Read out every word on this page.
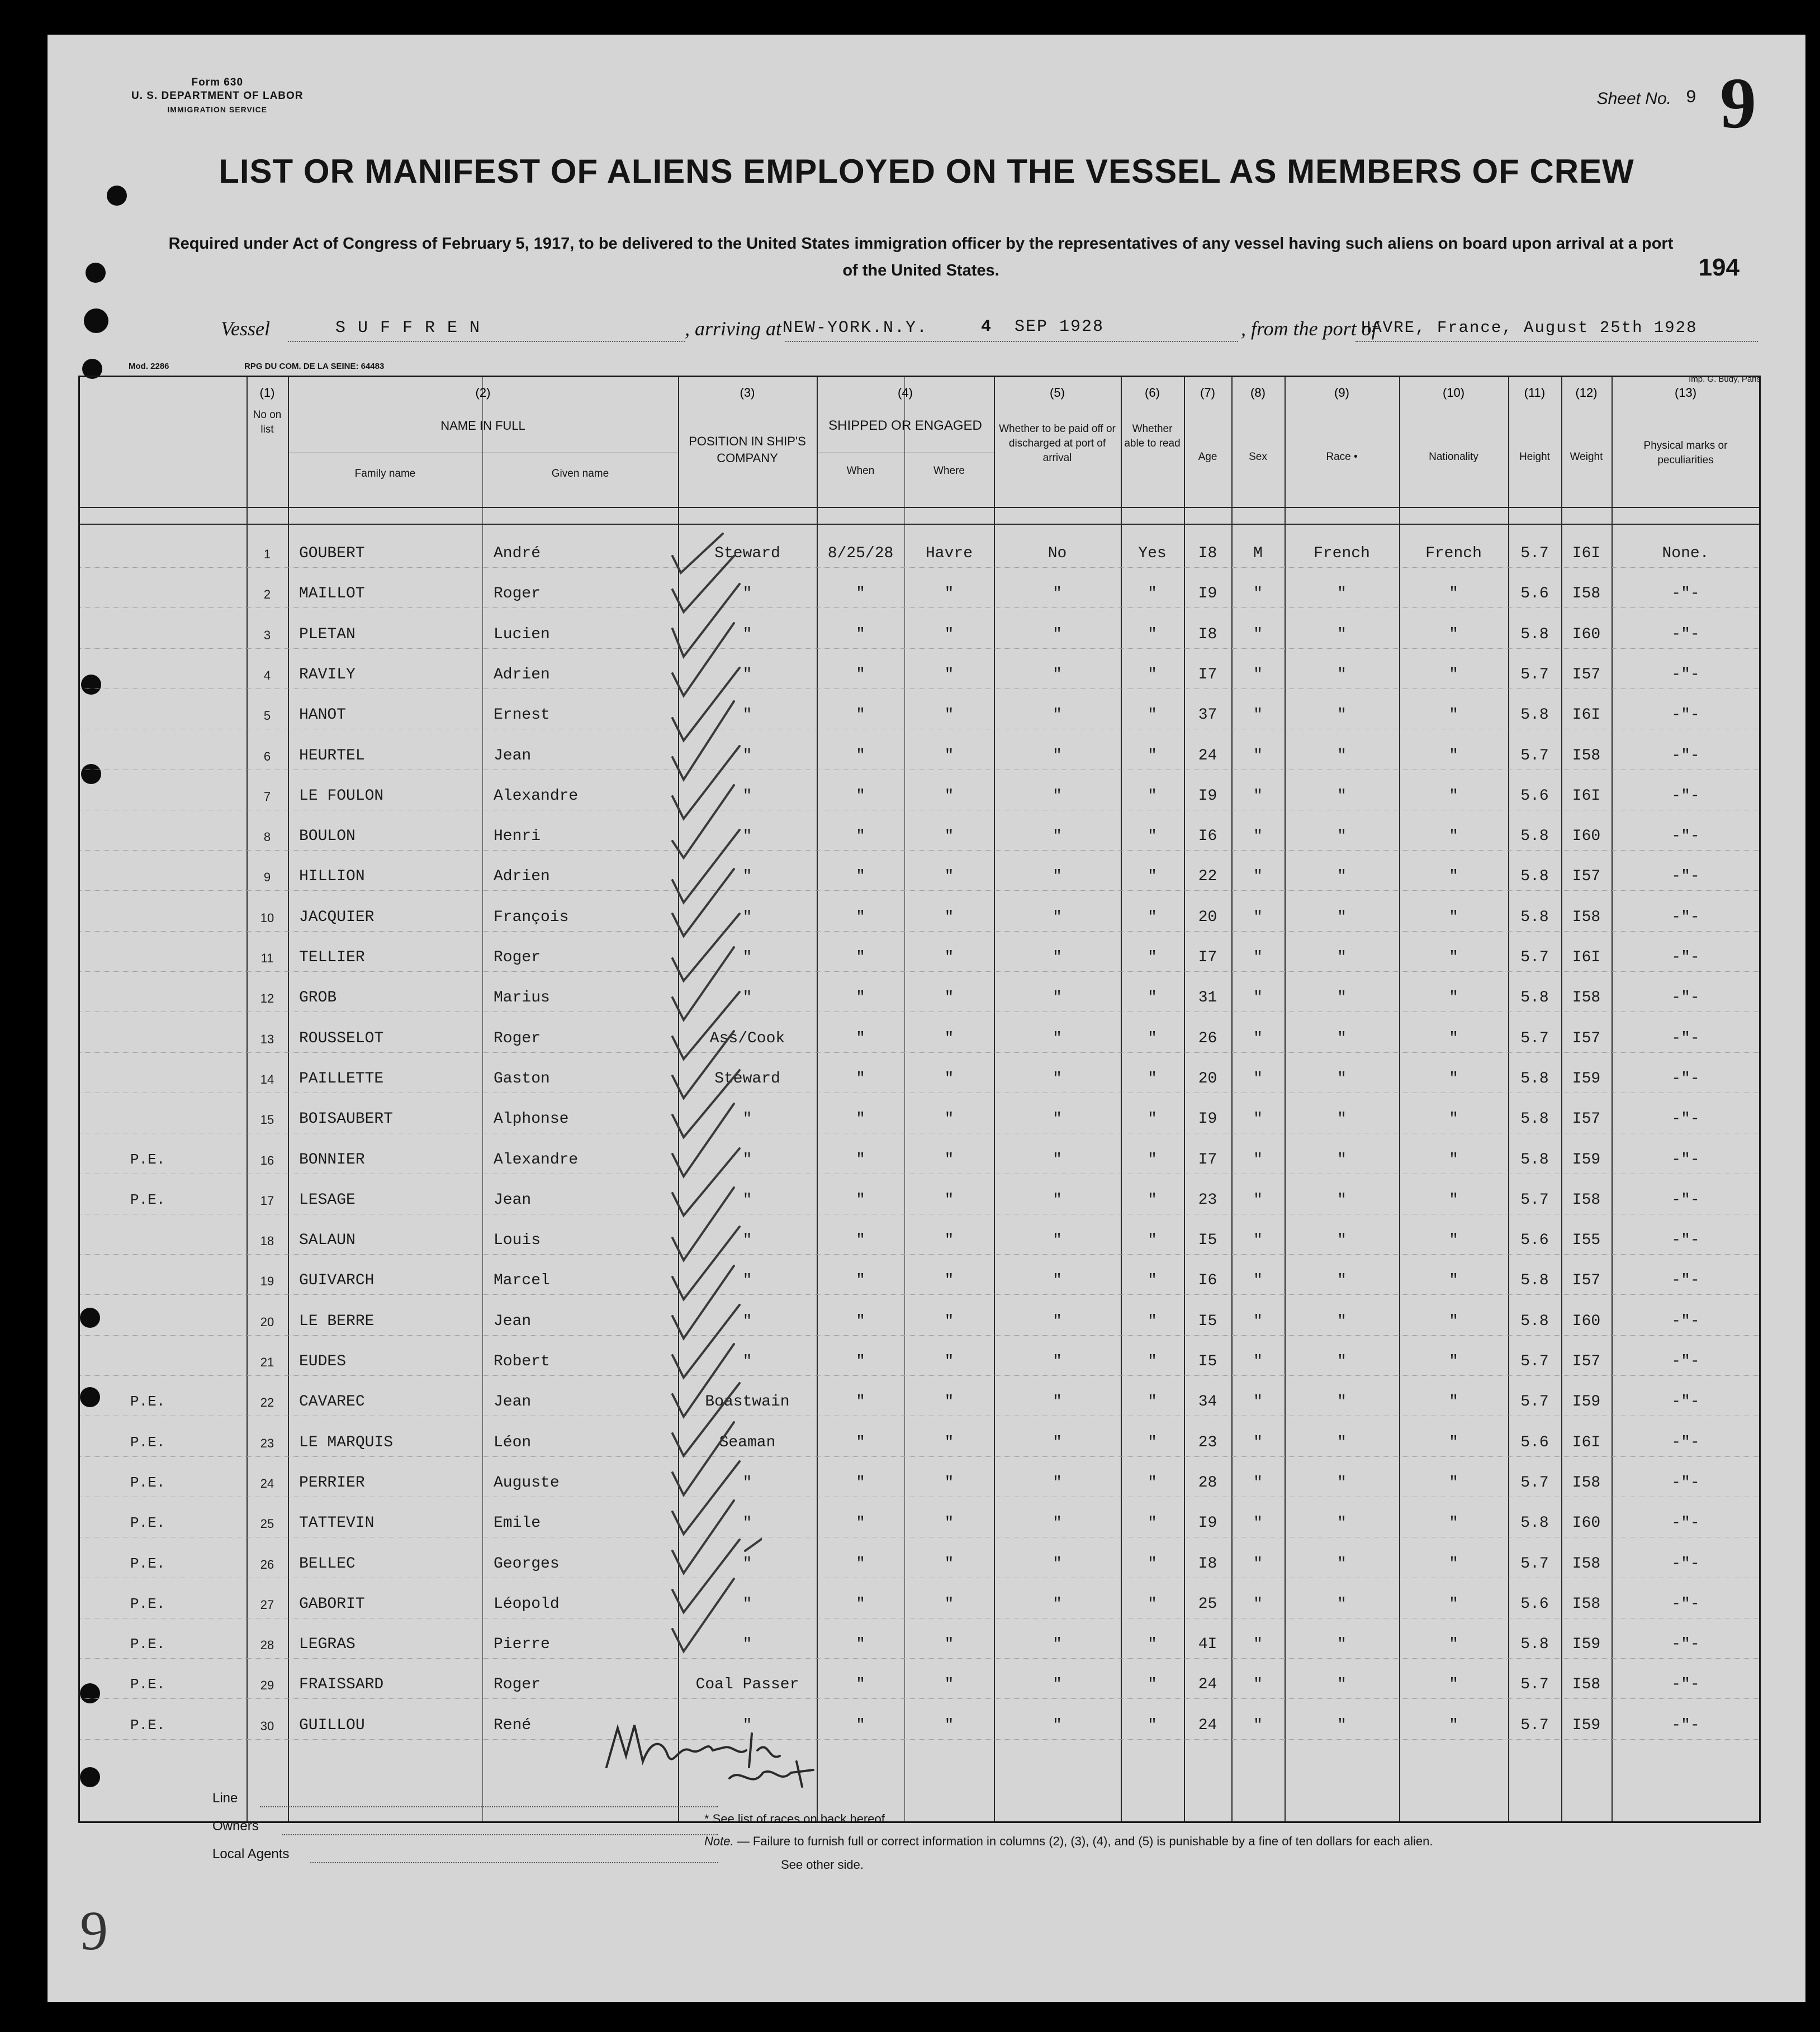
Form 630
U. S. DEPARTMENT OF LABOR
IMMIGRATION SERVICE
Sheet No. 9 9
LIST OR MANIFEST OF ALIENS EMPLOYED ON THE VESSEL AS MEMBERS OF CREW
Required under Act of Congress of February 5, 1917, to be delivered to the United States immigration officer by the representatives of any vessel having such aliens on board upon arrival at a port of the United States.	194
Vessel	S U F F R E N	, arriving at NEW-YORK.N.Y.	4 SEP 1928	, from the port of
HAVRE, France, August 25th 1928
Mod. 2286	RPG DU COM. DE LA SEINE: 64483
Imp. G. Budy, Paris
(1)	(2)	(3)	(4)	(5)	(6)	(7)	(8)	(9)	(10)	(11)	(12)	(13)
No on list	NAME IN FULL
Family name	Given name
POSITION IN SHIP'S COMPANY
SHIPPED OR ENGAGED
When	Where
Whether to be paid off or discharged at port of arrival
Whether able to read
Age	Sex	Race •	Nationality	Height	Weight
Physical marks or peculiarities
1	GOUBERT	André	Steward	8/25/28	Havre	No	Yes	I8	M	French	French	5.7	I6I	None.
2	MAILLOT	Roger	"	"	"	"	"	I9	"	"	"	5.6	I58	-"-
3	PLETAN	Lucien	"	"	"	"	"	I8	"	"	"	5.8	I60	-"-
4	RAVILY	Adrien	"	"	"	"	"	I7	"	"	"	5.7	I57	-"-
5	HANOT	Ernest	"	"	"	"	"	37	"	"	"	5.8	I6I	-"-
6	HEURTEL	Jean	"	"	"	"	"	24	"	"	"	5.7	I58	-"-
7	LE FOULON	Alexandre	"	"	"	"	"	I9	"	"	"	5.6	I6I	-"-
8	BOULON	Henri	"	"	"	"	"	I6	"	"	"	5.8	I60	-"-
9	HILLION	Adrien	"	"	"	"	"	22	"	"	"	5.8	I57	-"-
10	JACQUIER	François	"	"	"	"	"	20	"	"	"	5.8	I58	-"-
11	TELLIER	Roger	"	"	"	"	"	I7	"	"	"	5.7	I6I	-"-
12	GROB	Marius	"	"	"	"	"	31	"	"	"	5.8	I58	-"-
13	ROUSSELOT	Roger	Ass/Cook	"	"	"	"	26	"	"	"	5.7	I57	-"-
14	PAILLETTE	Gaston	Steward	"	"	"	"	20	"	"	"	5.8	I59	-"-
15	BOISAUBERT	Alphonse	"	"	"	"	"	I9	"	"	"	5.8	I57	-"-
P.E.	16	BONNIER	Alexandre	"	"	"	"	"	I7	"	"	"	5.8	I59	-"-
P.E.	17	LESAGE	Jean	"	"	"	"	"	23	"	"	"	5.7	I58	-"-
18	SALAUN	Louis	"	"	"	"	"	I5	"	"	"	5.6	I55	-"-
19	GUIVARCH	Marcel	"	"	"	"	"	I6	"	"	"	5.8	I57	-"-
20	LE BERRE	Jean	"	"	"	"	"	I5	"	"	"	5.8	I60	-"-
21	EUDES	Robert	"	"	"	"	"	I5	"	"	"	5.7	I57	-"-
P.E.	22	CAVAREC	Jean	Boastwain	"	"	"	"	34	"	"	"	5.7	I59	-"-
P.E.	23	LE MARQUIS	Léon	Seaman	"	"	"	"	23	"	"	"	5.6	I6I	-"-
P.E.	24	PERRIER	Auguste	"	"	"	"	"	28	"	"	"	5.7	I58	-"-
P.E.	25	TATTEVIN	Emile	"	"	"	"	"	I9	"	"	"	5.8	I60	-"-
P.E.	26	BELLEC	Georges	"	"	"	"	"	I8	"	"	"	5.7	I58	-"-
P.E.	27	GABORIT	Léopold	"	"	"	"	"	25	"	"	"	5.6	I58	-"-
P.E.	28	LEGRAS	Pierre	"	"	"	"	"	4I	"	"	"	5.8	I59	-"-
P.E.	29	FRAISSARD	Roger	Coal Passer	"	"	"	"	24	"	"	"	5.7	I58	-"-
P.E.	30	GUILLOU	René	"	"	"	"	"	24	"	"	"	5.7	I59	-"-
Line
Owners
Local Agents
* See list of races on back hereof.
Note. — Failure to furnish full or correct information in columns (2), (3), (4), and (5) is punishable by a fine of ten dollars for each alien.
See other side.
9
